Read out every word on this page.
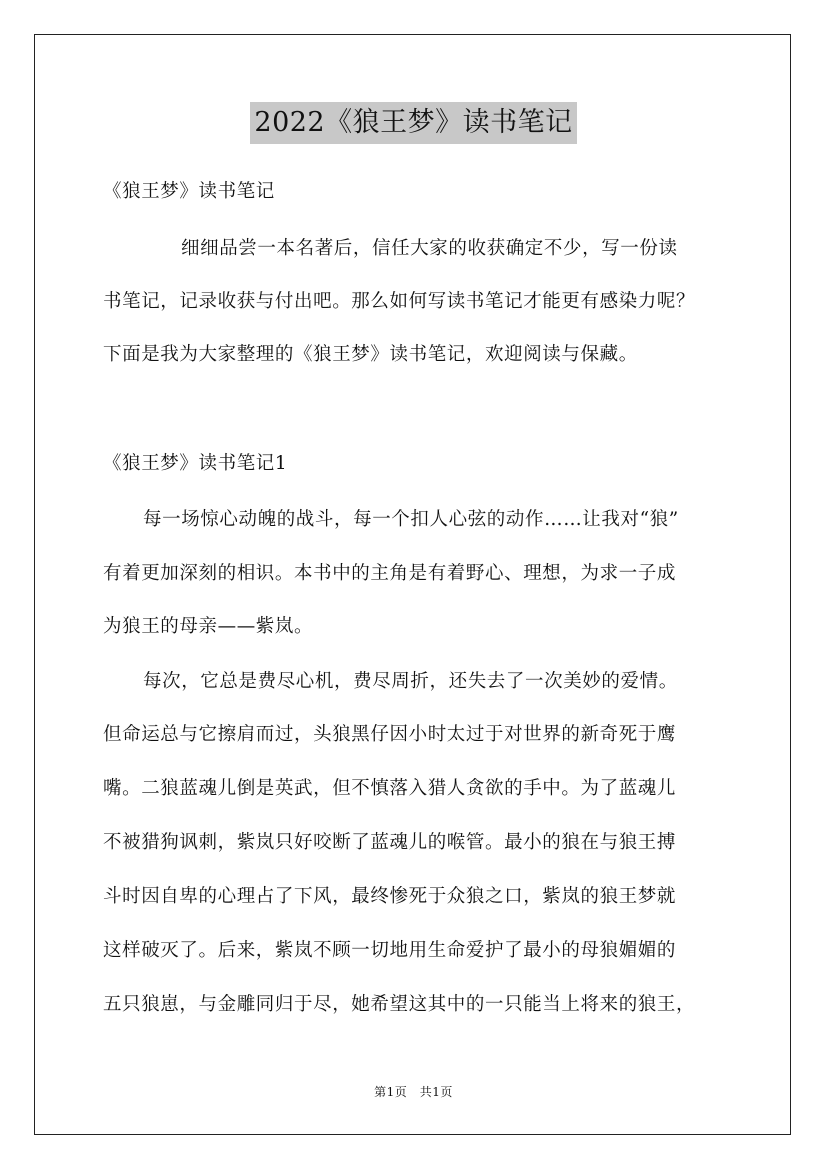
2022《狼王梦》读书笔记
《狼王梦》读书笔记
细细品尝一本名著后，信任大家的收获确定不少，写一份读
书笔记，记录收获与付出吧。那么如何写读书笔记才能更有感染力呢？
下面是我为大家整理的《狼王梦》读书笔记，欢迎阅读与保藏。
《狼王梦》读书笔记1
每一场惊心动魄的战斗，每一个扣人心弦的动作……让我对“狼”
有着更加深刻的相识。本书中的主角是有着野心、理想，为求一子成
为狼王的母亲——紫岚。
每次，它总是费尽心机，费尽周折，还失去了一次美妙的爱情。
但命运总与它擦肩而过，头狼黑仔因小时太过于对世界的新奇死于鹰
嘴。二狼蓝魂儿倒是英武，但不慎落入猎人贪欲的手中。为了蓝魂儿
不被猎狗讽刺，紫岚只好咬断了蓝魂儿的喉管。最小的狼在与狼王搏
斗时因自卑的心理占了下风，最终惨死于众狼之口，紫岚的狼王梦就
这样破灭了。后来，紫岚不顾一切地用生命爱护了最小的母狼媚媚的
五只狼崽，与金雕同归于尽，她希望这其中的一只能当上将来的狼王，
第1页　共1页
